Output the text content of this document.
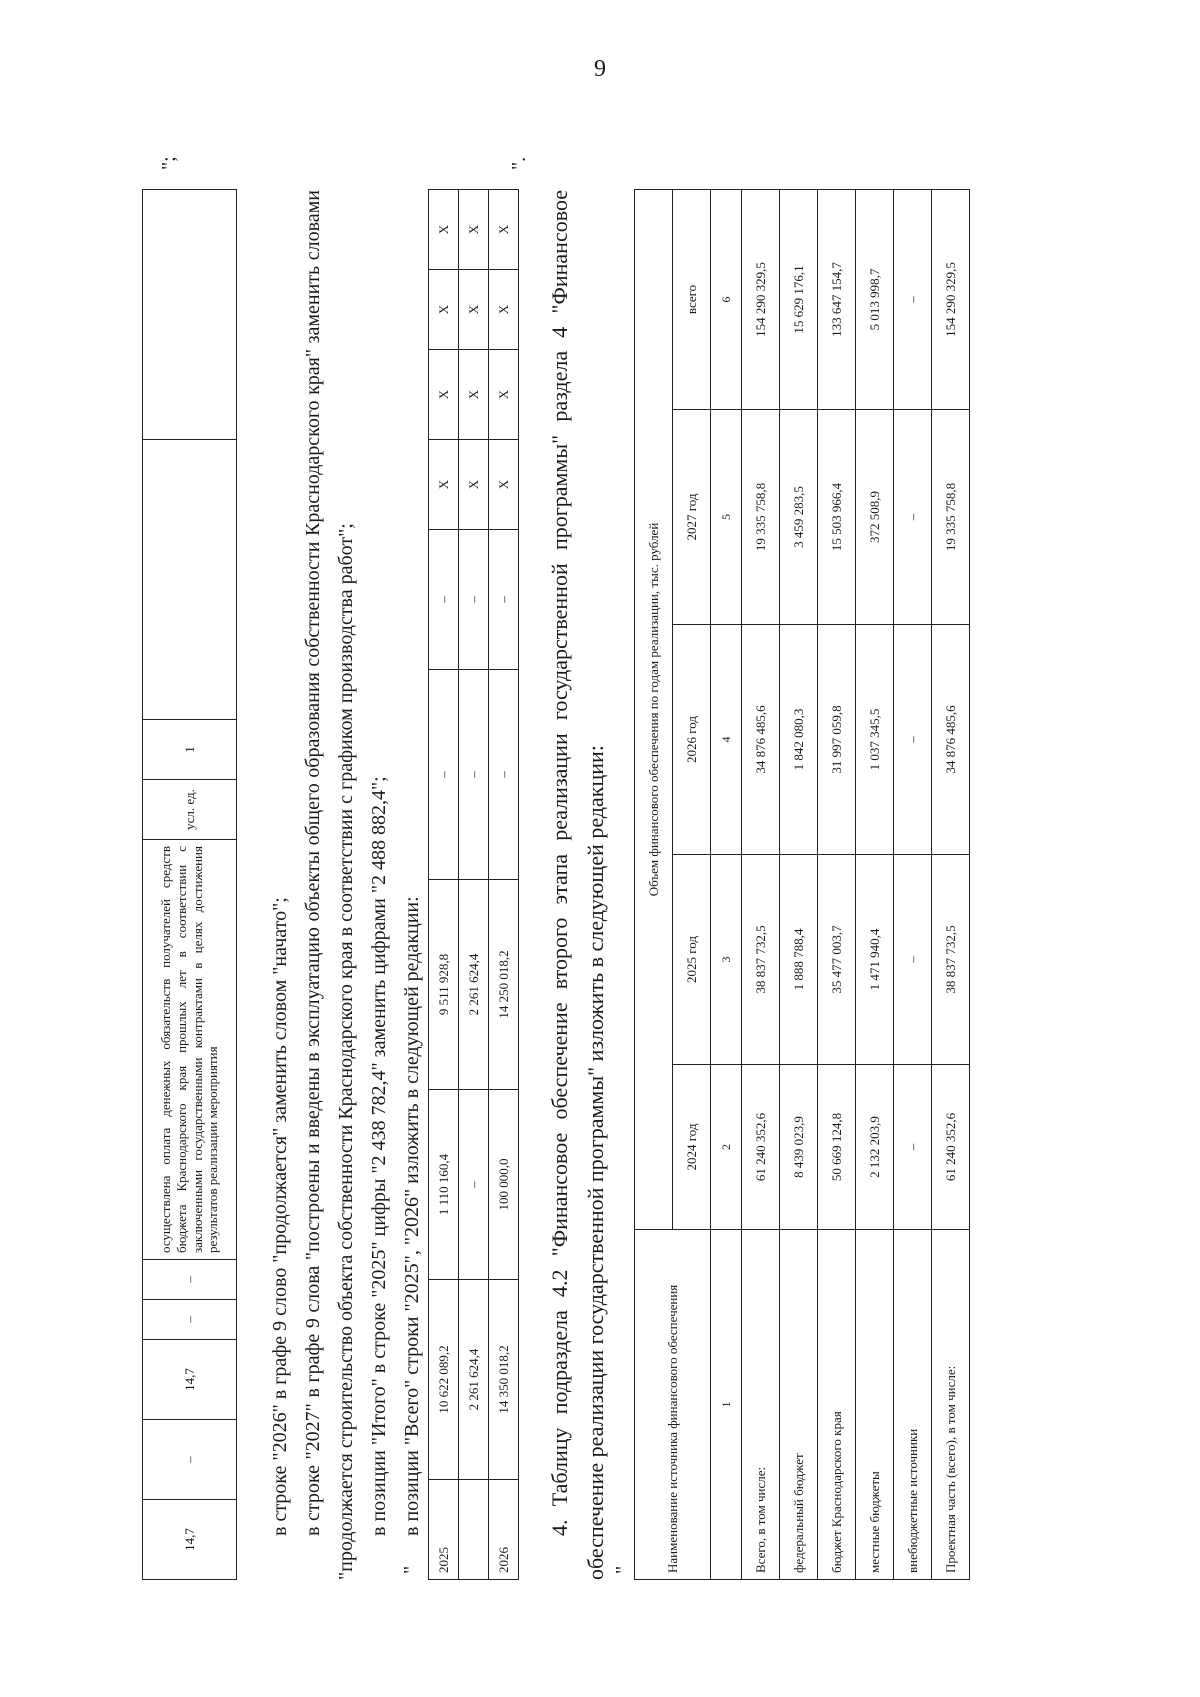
9
14,7	–	14,7	–	–	осуществлена оплата денежных обязательств получателей средств бюджета Краснодарского края прошлых лет в соответствии с заключенными государственными контрактами в целях достижения результатов реализации мероприятия	усл. ед.	1		
";

в строке "2026" в графе 9 слово "продолжается" заменить словом "начато"; в строке "2027" в графе 9 слова "построены и введены в эксплуатацию объекты общего образования собственности Краснодарского края" заменить словами "продолжается строительство объекта собственности Краснодарского края в соответствии с графиком производства работ"; в позиции "Итого" в строке "2025" цифры "2 438 782,4" заменить цифрами "2 488 882,4"; в позиции "Всего" строки "2025", "2026" изложить в следующей редакции:

" 2025	10 622 089,2	1 110 160,4	9 511 928,8	–	–	X	X	X	X
	2 261 624,4	–	2 261 624,4	–	–	X	X	X	X
2026	14 350 018,2	100 000,0	14 250 018,2	–	–	X	X	X	X
".

4. Таблицу подраздела 4.2 "Финансовое обеспечение второго этапа реализации государственной программы" раздела 4 "Финансовое обеспечение реализации государственной программы" изложить в следующей редакции: " Наименование источника финансового обеспечения	Объем финансового обеспечения по годам реализации, тыс. рублей				
	2024 год	2025 год	2026 год	2027 год	всего
1	2	3	4	5	6
Всего, в том числе:	61 240 352,6	38 837 732,5	34 876 485,6	19 335 758,8	154 290 329,5
федеральный бюджет	8 439 023,9	1 888 788,4	1 842 080,3	3 459 283,5	15 629 176,1
бюджет Краснодарского края	50 669 124,8	35 477 003,7	31 997 059,8	15 503 966,4	133 647 154,7
местные бюджеты	2 132 203,9	1 471 940,4	1 037 345,5	372 508,9	5 013 998,7
внебюджетные источники	–	–	–	–	–
Проектная часть (всего), в том числе:	61 240 352,6	38 837 732,5	34 876 485,6	19 335 758,8	154 290 329,5
